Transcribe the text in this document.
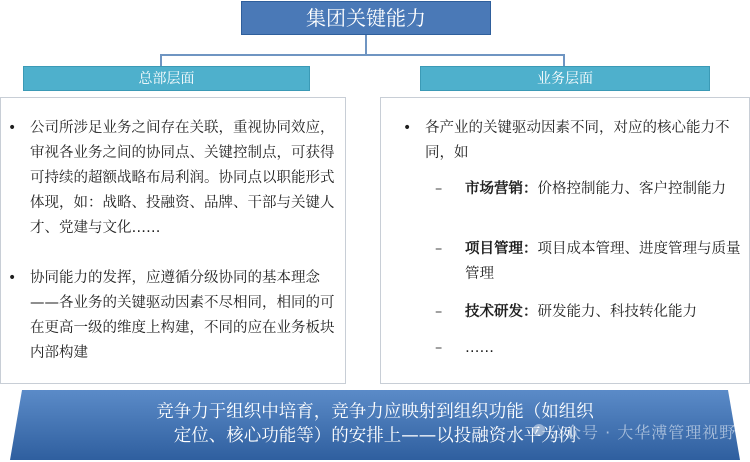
集团关键能力
总部层面	业务层面
• 公司所涉足业务之间存在关联，重视协同效应，审视各业务之间的协同点、关键控制点，可获得可持续的超额战略布局利润。协同点以职能形式体现，如：战略、投融资、品牌、干部与关键人才、党建与文化……
• 协同能力的发挥，应遵循分级协同的基本理念——各业务的关键驱动因素不尽相同，相同的可在更高一级的维度上构建，不同的应在业务板块内部构建
• 各产业的关键驱动因素不同，对应的核心能力不同，如
– 市场营销：价格控制能力、客户控制能力
– 项目管理：项目成本管理、进度管理与质量管理
– 技术研发：研发能力、科技转化能力
– ……
竞争力于组织中培育，竞争力应映射到组织功能（如组织
定位、核心功能等）的安排上——以投融资水平为例
公众号 · 大华溥管理视野
